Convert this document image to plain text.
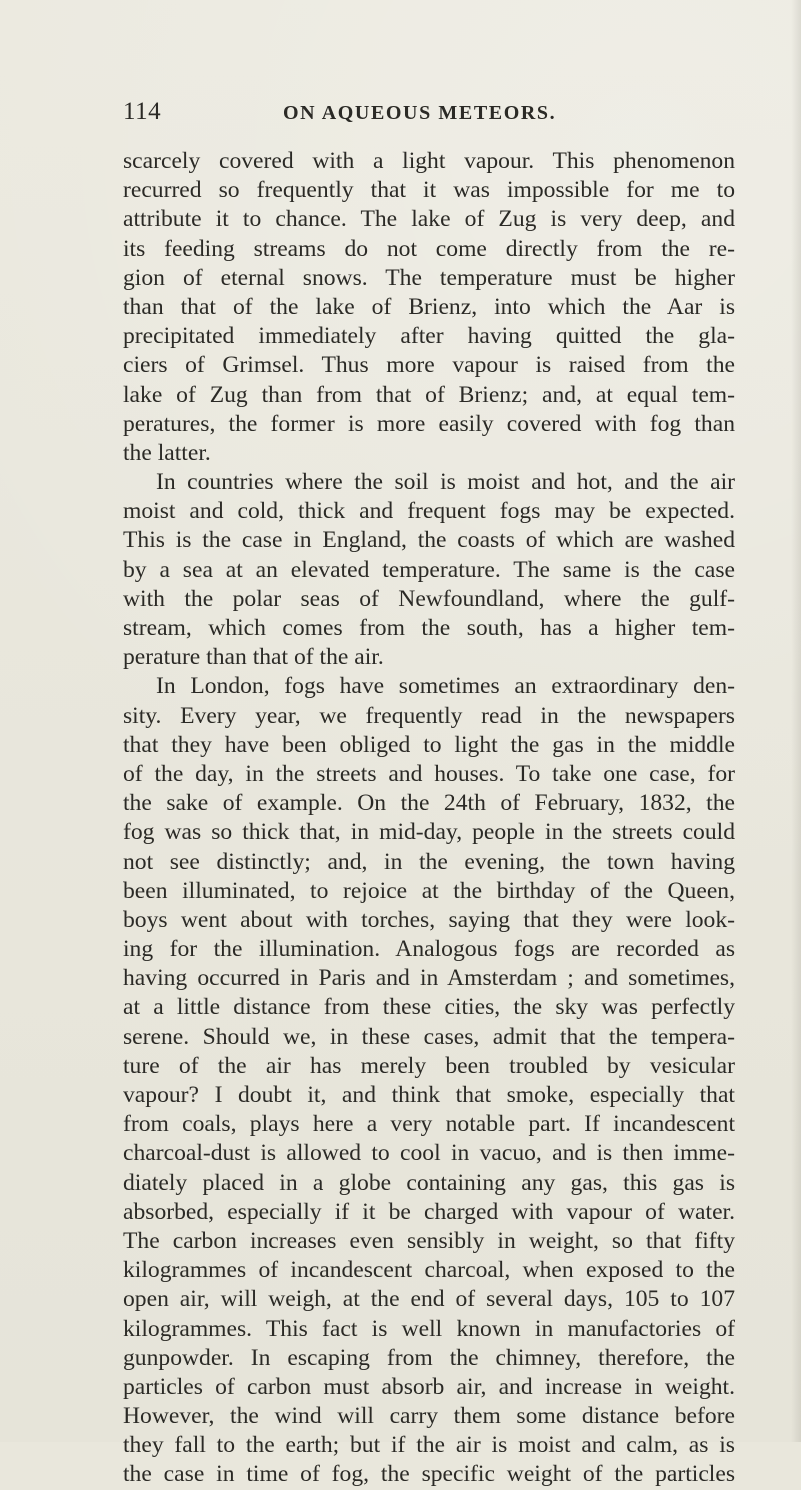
114	ON AQUEOUS METEORS.
scarcely covered with a light vapour. This phenomenon
recurred so frequently that it was impossible for me to
attribute it to chance. The lake of Zug is very deep, and
its feeding streams do not come directly from the re-
gion of eternal snows. The temperature must be higher
than that of the lake of Brienz, into which the Aar is
precipitated immediately after having quitted the gla-
ciers of Grimsel. Thus more vapour is raised from the
lake of Zug than from that of Brienz; and, at equal tem-
peratures, the former is more easily covered with fog than
the latter.
In countries where the soil is moist and hot, and the air
moist and cold, thick and frequent fogs may be expected.
This is the case in England, the coasts of which are washed
by a sea at an elevated temperature. The same is the case
with the polar seas of Newfoundland, where the gulf-
stream, which comes from the south, has a higher tem-
perature than that of the air.
In London, fogs have sometimes an extraordinary den-
sity. Every year, we frequently read in the newspapers
that they have been obliged to light the gas in the middle
of the day, in the streets and houses. To take one case, for
the sake of example. On the 24th of February, 1832, the
fog was so thick that, in mid-day, people in the streets could
not see distinctly; and, in the evening, the town having
been illuminated, to rejoice at the birthday of the Queen,
boys went about with torches, saying that they were look-
ing for the illumination. Analogous fogs are recorded as
having occurred in Paris and in Amsterdam ; and sometimes,
at a little distance from these cities, the sky was perfectly
serene. Should we, in these cases, admit that the tempera-
ture of the air has merely been troubled by vesicular
vapour? I doubt it, and think that smoke, especially that
from coals, plays here a very notable part. If incandescent
charcoal-dust is allowed to cool in vacuo, and is then imme-
diately placed in a globe containing any gas, this gas is
absorbed, especially if it be charged with vapour of water.
The carbon increases even sensibly in weight, so that fifty
kilogrammes of incandescent charcoal, when exposed to the
open air, will weigh, at the end of several days, 105 to 107
kilogrammes. This fact is well known in manufactories of
gunpowder. In escaping from the chimney, therefore, the
particles of carbon must absorb air, and increase in weight.
However, the wind will carry them some distance before
they fall to the earth; but if the air is moist and calm, as is
the case in time of fog, the specific weight of the particles
